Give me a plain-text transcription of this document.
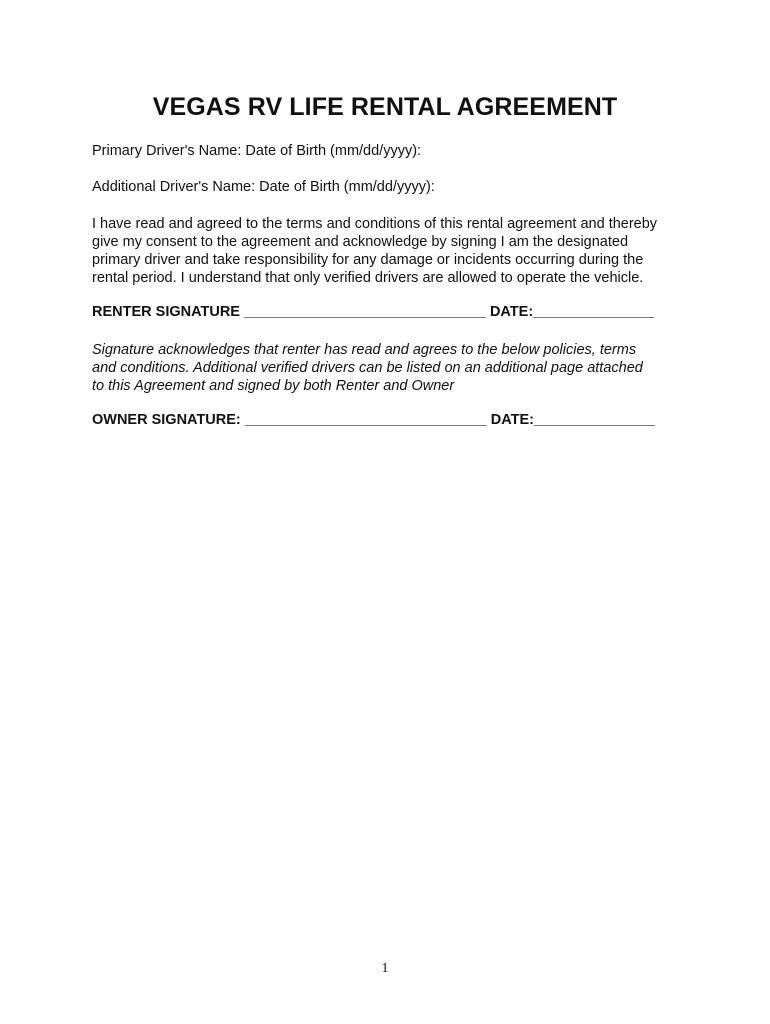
VEGAS RV LIFE RENTAL AGREEMENT
Primary Driver's Name: Date of Birth (mm/dd/yyyy):
Additional Driver's Name: Date of Birth (mm/dd/yyyy):
I have read and agreed to the terms and conditions of this rental agreement and thereby
give my consent to the agreement and acknowledge by signing I am the designated
primary driver and take responsibility for any damage or incidents occurring during the
rental period. I understand that only verified drivers are allowed to operate the vehicle.
RENTER SIGNATURE ______________________________ DATE:_______________
Signature acknowledges that renter has read and agrees to the below policies, terms
and conditions. Additional verified drivers can be listed on an additional page attached
to this Agreement and signed by both Renter and Owner
OWNER SIGNATURE: ______________________________ DATE:_______________
1
